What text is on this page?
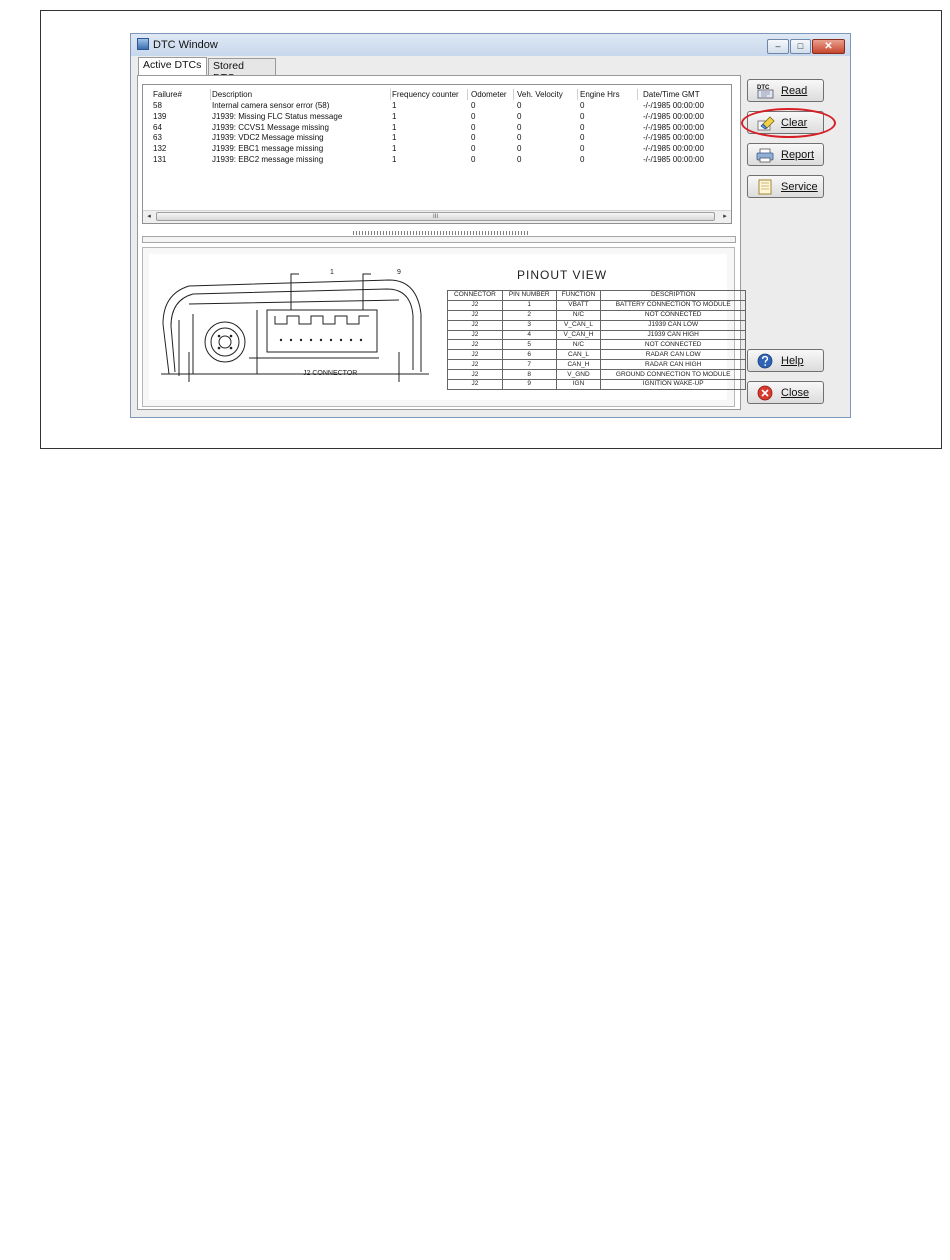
DTC Window	–	□	✕
Active DTCs	Stored
Failure#	Description	Frequency counter	Odometer	Veh. Velocity	Engine Hrs	Date/Time GMT
58	Internal camera sensor error (58)	1	0	0	0	-/-/1985 00:00:00
139	J1939: Missing FLC Status message	1	0	0	0	-/-/1985 00:00:00
64	J1939: CCVS1 Message missing	1	0	0	0	-/-/1985 00:00:00
63	J1939: VDC2 Message missing	1	0	0	0	-/-/1985 00:00:00
132	J1939: EBC1 message missing	1	0	0	0	-/-/1985 00:00:00
131	J1939: EBC2 message missing	1	0	0	0	-/-/1985 00:00:00
◂	III	▸
1	9
J2 CONNECTOR
PINOUT VIEW
CONNECTOR	PIN NUMBER	FUNCTION	DESCRIPTION
J2	1	VBATT	BATTERY CONNECTION TO MODULE
J2	2	N/C	NOT CONNECTED
J2	3	V_CAN_L	J1939 CAN LOW
J2	4	V_CAN_H	J1939 CAN HIGH
J2	5	N/C	NOT CONNECTED
J2	6	CAN_L	RADAR CAN LOW
J2	7	CAN_H	RADAR CAN HIGH
J2	8	V_GND	GROUND CONNECTION TO MODULE
J2	9	IGN	IGNITION WAKE-UP
DTC Read
Clear
Report
Service
Help
Close
